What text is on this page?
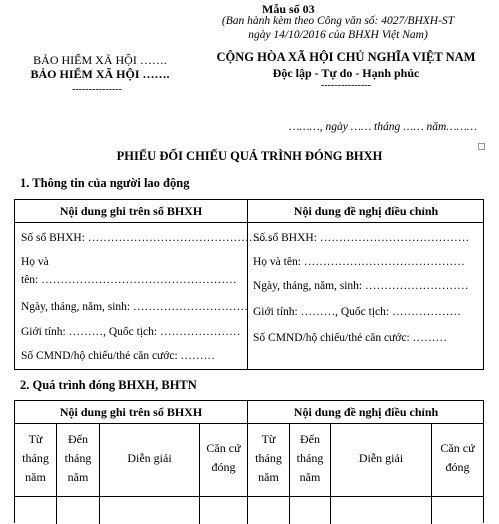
Mẫu số 03
(Ban hành kèm theo Công văn số: 4027/BHXH-ST
ngày 14/10/2016 của BHXH Việt Nam)
BẢO HIỂM XÃ HỘI …….
BẢO HIỂM XÃ HỘI …….
---------------
CỘNG HÒA XÃ HỘI CHỦ NGHĨA VIỆT NAM
Độc lập - Tự do - Hạnh phúc
---------------
………, ngày …… tháng …… năm………
PHIẾU ĐỐI CHIẾU QUÁ TRÌNH ĐÓNG BHXH
1. Thông tin của người lao động
Nội dung ghi trên sổ BHXH	Nội dung đề nghị điều chỉnh
Số sổ BHXH: …………………………………………
Họ và
tên: ……………………………………………
Ngày, tháng, năm, sinh: …………………………
Giới tính: ………, Quốc tịch: …………………
Số CMND/hộ chiếu/thẻ căn cước: ………
Số sổ BHXH: …………………………………
Họ và tên: ……………………………………
Ngày, tháng, năm, sinh: ………………………
Giới tính: ………, Quốc tịch: ………………
Số CMND/hộ chiếu/thẻ căn cước: ………
2. Quá trình đóng BHXH, BHTN
Nội dung ghi trên sổ BHXH	Nội dung đề nghị điều chỉnh
Từ
tháng
năm
Đến
tháng
năm
Diễn giải
Căn cứ
đóng
Từ
tháng
năm
Đến
tháng
năm
Diễn giải
Căn cứ
đóng
